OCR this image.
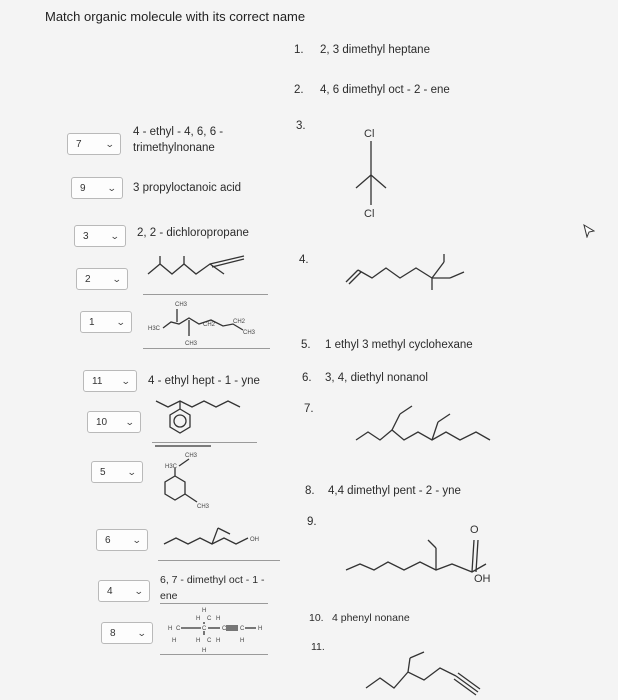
Match organic molecule with its correct name
7	⌄
4 - ethyl - 4, 6, 6 - trimethylnonane
9 ⌄ 3 propyloctanoic acid
3 ⌄ 2, 2 - dichloropropane
2 ⌄
1 ⌄
11 ⌄ 4 - ethyl hept - 1 - yne
10 ⌄
5 ⌄
6 ⌄
4 ⌄
6, 7 - dimethyl oct - 1 - ene
8 ⌄
CH3
H3C
CH2	CH2
CH3
CH3
CH3
H3C
CH3
OH
H
H C H
H C	C	C C H
H	H C H	H
H
1. 2, 3 dimethyl heptane
2. 4, 6 dimethyl oct - 2 - ene
3.
Cl
Cl
4.
5. 1 ethyl 3 methyl cyclohexane
6. 3, 4, diethyl nonanol
7.
8. 4,4 dimethyl pent - 2 - yne
9.
O
OH
10. 4 phenyl nonane
11.
